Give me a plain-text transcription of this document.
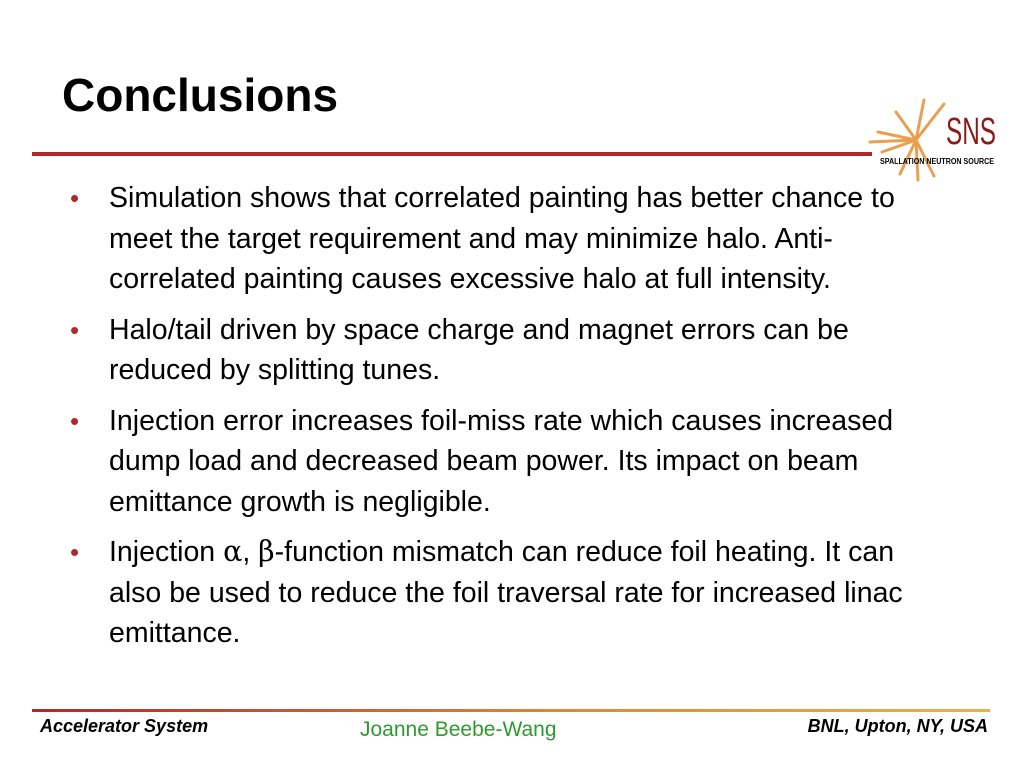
Conclusions
SNS
SPALLATION NEUTRON SOURCE
• Simulation shows that correlated painting has better chance to meet the target requirement and may minimize halo. Anti-correlated painting causes excessive halo at full intensity.
• Halo/tail driven by space charge and magnet errors can be reduced by splitting tunes.
• Injection error increases foil-miss rate which causes increased dump load and decreased beam power. Its impact on beam emittance growth is negligible.
• Injection α, β-function mismatch can reduce foil heating. It can also be used to reduce the foil traversal rate for increased linac emittance.
Accelerator System	Joanne Beebe-Wang	BNL, Upton, NY, USA
